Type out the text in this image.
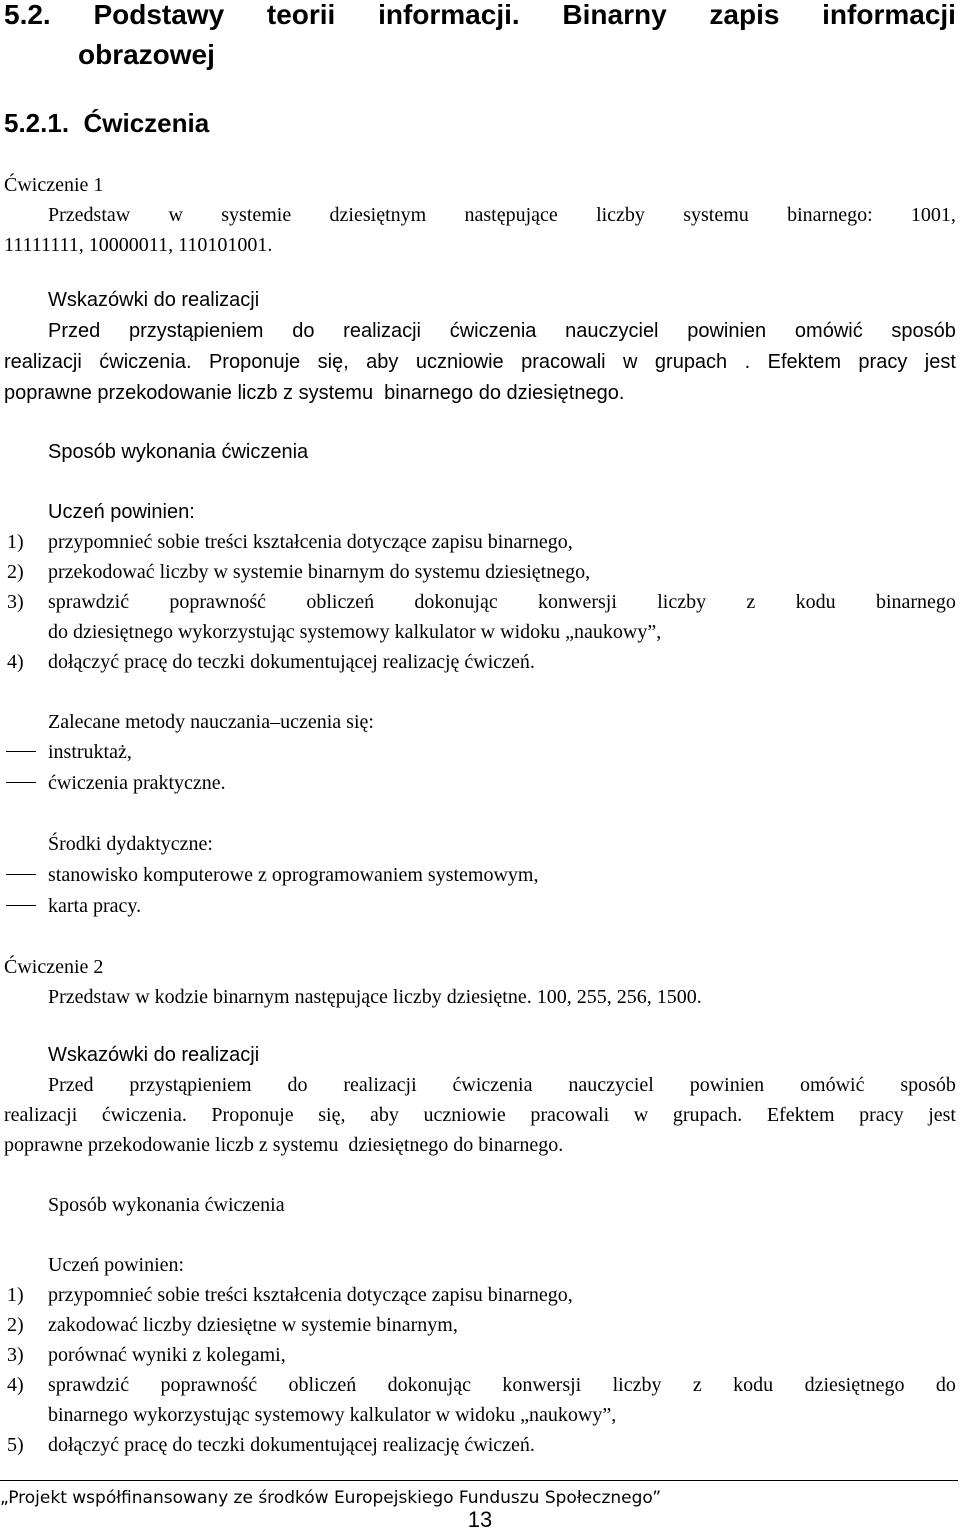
5.2. Podstawy teorii informacji. Binarny zapis informacji
obrazowej
5.2.1.  Ćwiczenia
Ćwiczenie 1
Przedstaw w systemie dziesiętnym następujące liczby systemu binarnego: 1001,
11111111, 10000011, 110101001.
Wskazówki do realizacji
Przed przystąpieniem do realizacji ćwiczenia nauczyciel powinien omówić sposób
realizacji ćwiczenia. Proponuje się, aby uczniowie pracowali w grupach . Efektem pracy jest
poprawne przekodowanie liczb z systemu  binarnego do dziesiętnego.
Sposób wykonania ćwiczenia
Uczeń powinien:
1) przypomnieć sobie treści kształcenia dotyczące zapisu binarnego,
2) przekodować liczby w systemie binarnym do systemu dziesiętnego,
3) sprawdzić poprawność obliczeń dokonując konwersji liczby z kodu binarnego
do dziesiętnego wykorzystując systemowy kalkulator w widoku „naukowy”,
4) dołączyć pracę do teczki dokumentującej realizację ćwiczeń.
Zalecane metody nauczania–uczenia się:
instruktaż,
ćwiczenia praktyczne.
Środki dydaktyczne:
stanowisko komputerowe z oprogramowaniem systemowym,
karta pracy.
Ćwiczenie 2
Przedstaw w kodzie binarnym następujące liczby dziesiętne. 100, 255, 256, 1500.
Wskazówki do realizacji
Przed przystąpieniem do realizacji ćwiczenia nauczyciel powinien omówić sposób
realizacji ćwiczenia. Proponuje się, aby uczniowie pracowali w grupach. Efektem pracy jest
poprawne przekodowanie liczb z systemu  dziesiętnego do binarnego.
Sposób wykonania ćwiczenia
Uczeń powinien:
1) przypomnieć sobie treści kształcenia dotyczące zapisu binarnego,
2) zakodować liczby dziesiętne w systemie binarnym,
3) porównać wyniki z kolegami,
4) sprawdzić poprawność obliczeń dokonując konwersji liczby z kodu dziesiętnego do
binarnego wykorzystując systemowy kalkulator w widoku „naukowy”,
5) dołączyć pracę do teczki dokumentującej realizację ćwiczeń.
„Projekt współfinansowany ze środków Europejskiego Funduszu Społecznego”
13
